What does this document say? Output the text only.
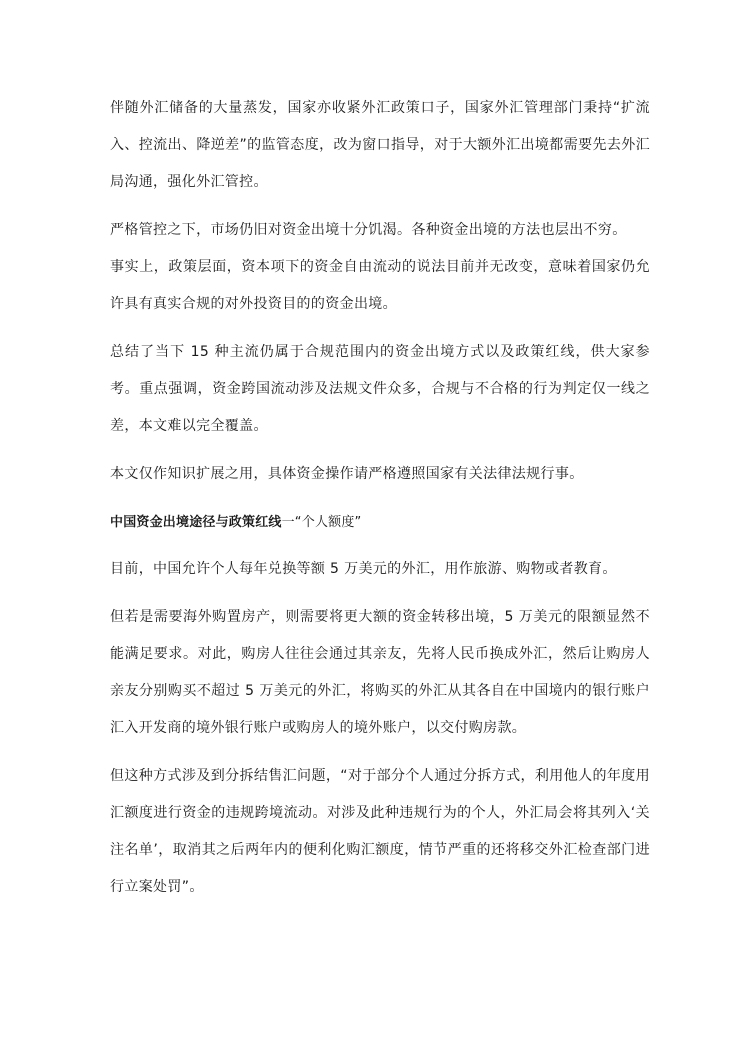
伴随外汇储备的大量蒸发，国家亦收紧外汇政策口子，国家外汇管理部门秉持“扩流入、控流出、降逆差”的监管态度，改为窗口指导，对于大额外汇出境都需要先去外汇局沟通，强化外汇管控。

严格管控之下，市场仍旧对资金出境十分饥渴。各种资金出境的方法也层出不穷。

事实上，政策层面，资本项下的资金自由流动的说法目前并无改变，意味着国家仍允许具有真实合规的对外投资目的的资金出境。

总结了当下 15 种主流仍属于合规范围内的资金出境方式以及政策红线，供大家参考。重点强调，资金跨国流动涉及法规文件众多，合规与不合格的行为判定仅一线之差，本文难以完全覆盖。

本文仅作知识扩展之用，具体资金操作请严格遵照国家有关法律法规行事。

中国资金出境途径与政策红线一“个人额度”

目前，中国允许个人每年兑换等额 5 万美元的外汇，用作旅游、购物或者教育。

但若是需要海外购置房产，则需要将更大额的资金转移出境，5 万美元的限额显然不能满足要求。对此，购房人往往会通过其亲友，先将人民币换成外汇，然后让购房人亲友分别购买不超过 5 万美元的外汇，将购买的外汇从其各自在中国境内的银行账户汇入开发商的境外银行账户或购房人的境外账户，以交付购房款。

但这种方式涉及到分拆结售汇问题，“对于部分个人通过分拆方式，利用他人的年度用汇额度进行资金的违规跨境流动。对涉及此种违规行为的个人，外汇局会将其列入‘关注名单’，取消其之后两年内的便利化购汇额度，情节严重的还将移交外汇检查部门进行立案处罚”。
